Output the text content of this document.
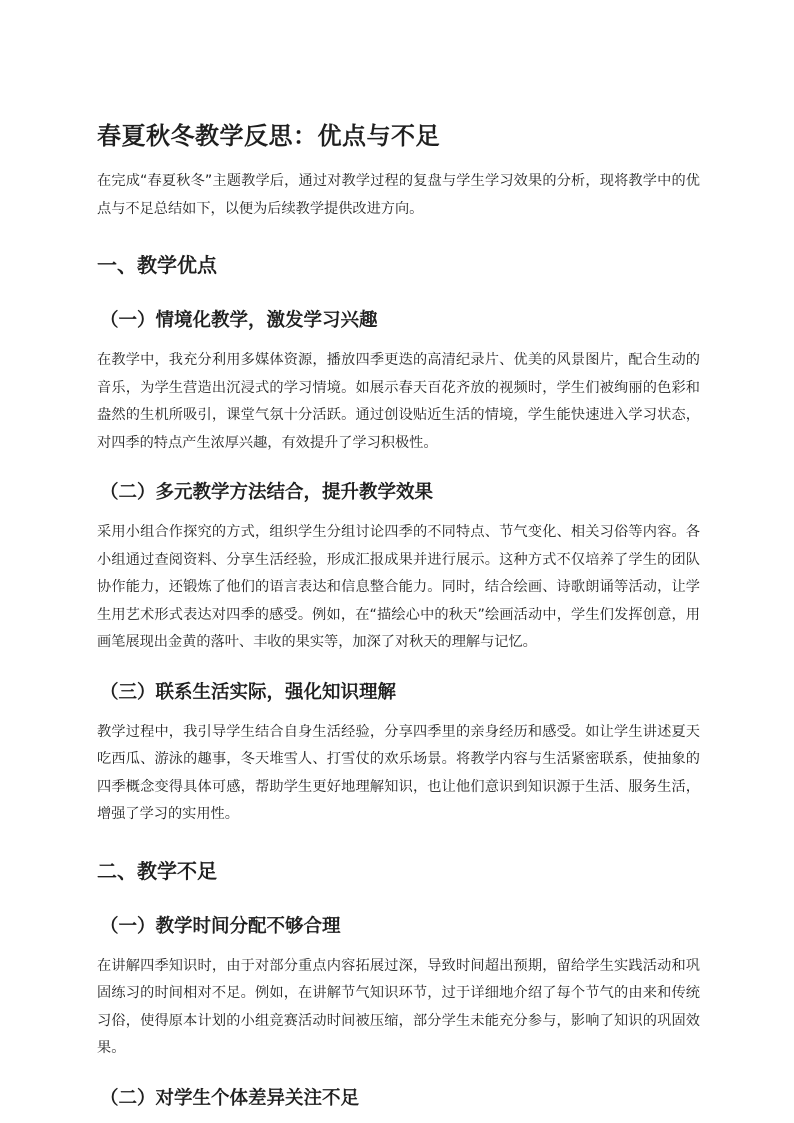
春夏秋冬教学反思：优点与不足

在完成“春夏秋冬”主题教学后，通过对教学过程的复盘与学生学习效果的分析，现将教学中的优点与不足总结如下，以便为后续教学提供改进方向。

一、教学优点
（一）情境化教学，激发学习兴趣

在教学中，我充分利用多媒体资源，播放四季更迭的高清纪录片、优美的风景图片，配合生动的音乐，为学生营造出沉浸式的学习情境。如展示春天百花齐放的视频时，学生们被绚丽的色彩和盎然的生机所吸引，课堂气氛十分活跃。通过创设贴近生活的情境，学生能快速进入学习状态，对四季的特点产生浓厚兴趣，有效提升了学习积极性。

（二）多元教学方法结合，提升教学效果

采用小组合作探究的方式，组织学生分组讨论四季的不同特点、节气变化、相关习俗等内容。各小组通过查阅资料、分享生活经验，形成汇报成果并进行展示。这种方式不仅培养了学生的团队协作能力，还锻炼了他们的语言表达和信息整合能力。同时，结合绘画、诗歌朗诵等活动，让学生用艺术形式表达对四季的感受。例如，在“描绘心中的秋天”绘画活动中，学生们发挥创意，用画笔展现出金黄的落叶、丰收的果实等，加深了对秋天的理解与记忆。

（三）联系生活实际，强化知识理解

教学过程中，我引导学生结合自身生活经验，分享四季里的亲身经历和感受。如让学生讲述夏天吃西瓜、游泳的趣事，冬天堆雪人、打雪仗的欢乐场景。将教学内容与生活紧密联系，使抽象的四季概念变得具体可感，帮助学生更好地理解知识，也让他们意识到知识源于生活、服务生活，增强了学习的实用性。

二、教学不足
（一）教学时间分配不够合理

在讲解四季知识时，由于对部分重点内容拓展过深，导致时间超出预期，留给学生实践活动和巩固练习的时间相对不足。例如，在讲解节气知识环节，过于详细地介绍了每个节气的由来和传统习俗，使得原本计划的小组竞赛活动时间被压缩，部分学生未能充分参与，影响了知识的巩固效果。

（二）对学生个体差异关注不足
